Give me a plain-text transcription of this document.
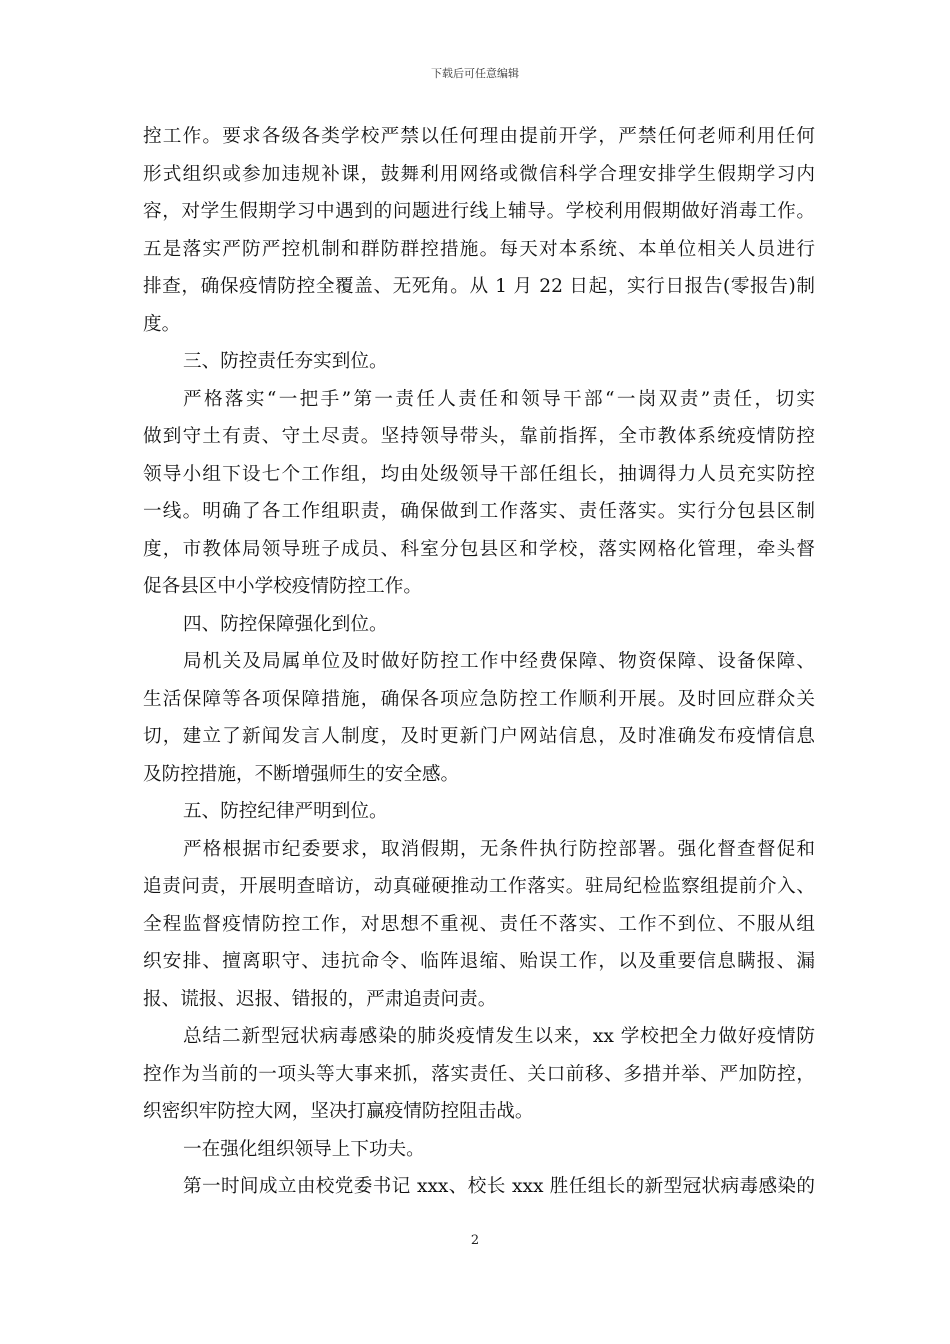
下载后可任意编辑
控工作。要求各级各类学校严禁以任何理由提前开学，严禁任何老师利用任何
形式组织或参加违规补课，鼓舞利用网络或微信科学合理安排学生假期学习内
容，对学生假期学习中遇到的问题进行线上辅导。学校利用假期做好消毒工作。
五是落实严防严控机制和群防群控措施。每天对本系统、本单位相关人员进行
排查，确保疫情防控全覆盖、无死角。从 1 月 22 日起，实行日报告(零报告)制
度。
三、防控责任夯实到位。
严格落实“一把手”第一责任人责任和领导干部“一岗双责”责任，切实
做到守土有责、守土尽责。坚持领导带头，靠前指挥，全市教体系统疫情防控
领导小组下设七个工作组，均由处级领导干部任组长，抽调得力人员充实防控
一线。明确了各工作组职责，确保做到工作落实、责任落实。实行分包县区制
度，市教体局领导班子成员、科室分包县区和学校，落实网格化管理，牵头督
促各县区中小学校疫情防控工作。
四、防控保障强化到位。
局机关及局属单位及时做好防控工作中经费保障、物资保障、设备保障、
生活保障等各项保障措施，确保各项应急防控工作顺利开展。及时回应群众关
切，建立了新闻发言人制度，及时更新门户网站信息，及时准确发布疫情信息
及防控措施，不断增强师生的安全感。
五、防控纪律严明到位。
严格根据市纪委要求，取消假期，无条件执行防控部署。强化督查督促和
追责问责，开展明查暗访，动真碰硬推动工作落实。驻局纪检监察组提前介入、
全程监督疫情防控工作，对思想不重视、责任不落实、工作不到位、不服从组
织安排、擅离职守、违抗命令、临阵退缩、贻误工作，以及重要信息瞒报、漏
报、谎报、迟报、错报的，严肃追责问责。
总结二新型冠状病毒感染的肺炎疫情发生以来，xx 学校把全力做好疫情防
控作为当前的一项头等大事来抓，落实责任、关口前移、多措并举、严加防控，
织密织牢防控大网，坚决打赢疫情防控阻击战。
一在强化组织领导上下功夫。
第一时间成立由校党委书记 xxx、校长 xxx 胜任组长的新型冠状病毒感染的
2
